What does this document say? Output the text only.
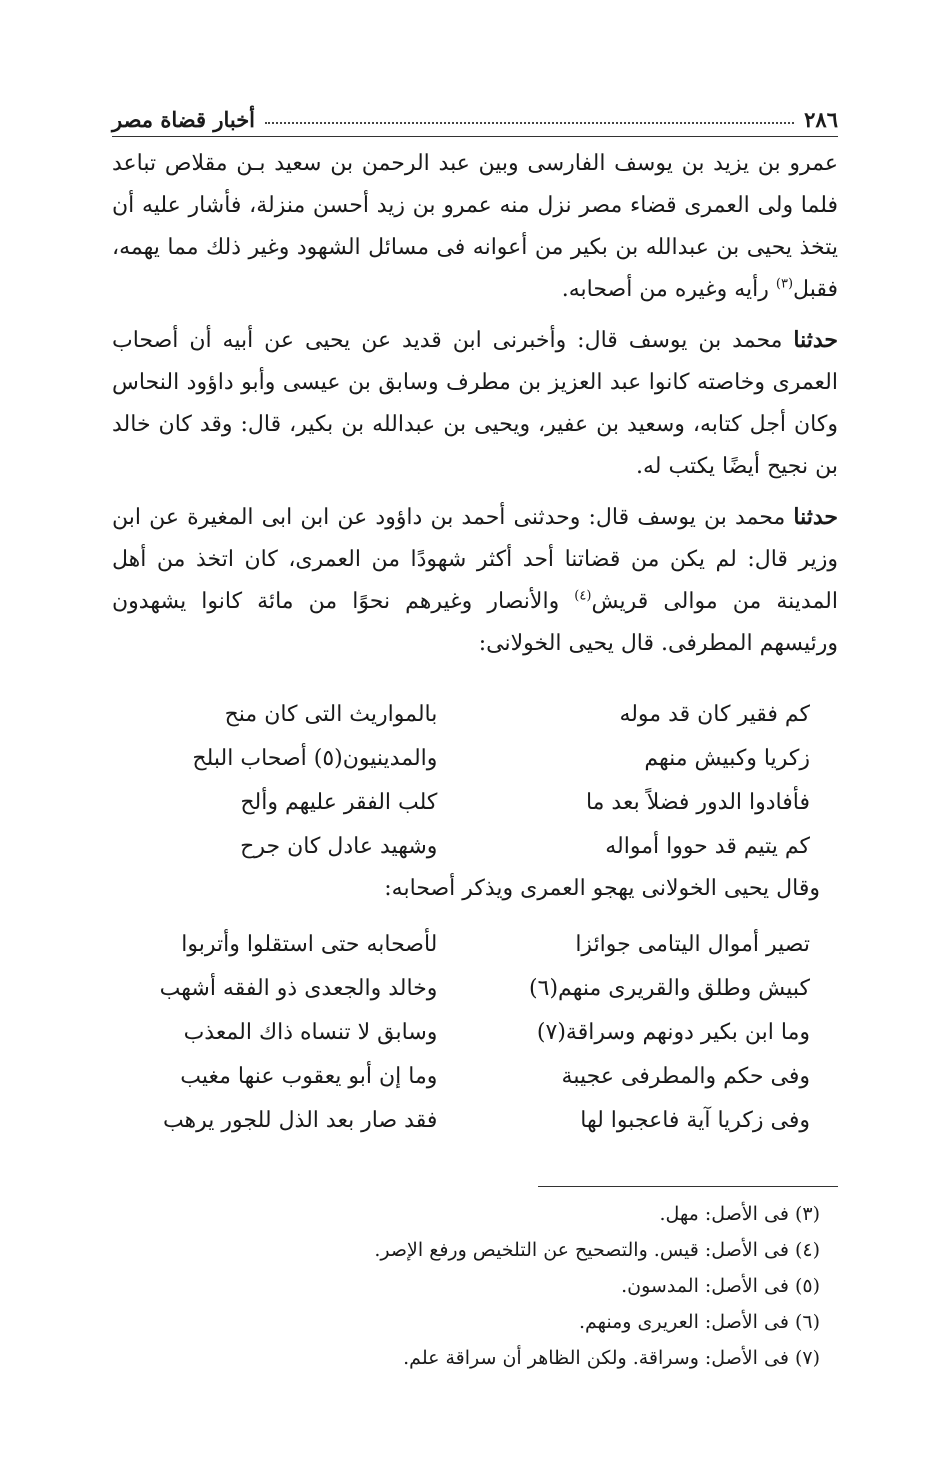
٢٨٦
أخبار قضاة مصر

عمرو بن يزيد بن يوسف الفارسى وبين عبد الرحمن بن سعيد بـن مقلاص تباعد فلما ولى العمرى قضاء مصر نزل منه عمرو بن زيد أحسن منزلة، فأشار عليه أن يتخذ يحيى بن عبدالله بن بكير من أعوانه فى مسائل الشهود وغير ذلك مما يهمه، فقبل$^{(٣)}$ رأيه وغيره من أصحابه.

حدثنا محمد بن يوسف قال: وأخبرنى ابن قديد عن يحيى عن أبيه أن أصحاب العمرى وخاصته كانوا عبد العزيز بن مطرف وسابق بن عيسى وأبو داؤود النحاس وكان أجل كتابه، وسعيد بن عفير، ويحيى بن عبدالله بن بكير، قال: وقد كان خالد بن نجيح أيضًا يكتب له.

حدثنا محمد بن يوسف قال: وحدثنى أحمد بن داؤود عن ابن ابى المغيرة عن ابن وزير قال: لم يكن من قضاتنا أحد أكثر شهودًا من العمرى، كان اتخذ من أهل المدينة من موالى قريش$^{(٤)}$ والأنصار وغيرهم نحوًا من مائة كانوا يشهدون ورئيسهم المطرفى. قال يحيى الخولانى:

كم فقير كان قد موله
بالمواريث التى كان منح
زكريا وكبيش منهم
والمدينيون(٥) أصحاب البلح
فأفادوا الدور فضلاً بعد ما
كلب الفقر عليهم وألح
كم يتيم قد حووا أمواله
وشهيد عادل كان جرح
وقال يحيى الخولانى يهجو العمرى ويذكر أصحابه:
تصير أموال اليتامى جوائزا
لأصحابه حتى استقلوا وأتربوا
كبيش وطلق والقريرى منهم(٦)
وخالد والجعدى ذو الفقه أشهب
وما ابن بكير دونهم وسراقة(٧)
وسابق لا تنساه ذاك المعذب
وفى حكم والمطرفى عجيبة
وما إن أبو يعقوب عنها مغيب
وفى زكريا آية فاعجبوا لها
فقد صار بعد الذل للجور يرهب

(٣) فى الأصل: مهل.

(٤) فى الأصل: قيس. والتصحيح عن التلخيص ورفع الإصر.

(٥) فى الأصل: المدسون.

(٦) فى الأصل: العريرى ومنهم.

(٧) فى الأصل: وسراقة. ولكن الظاهر أن سراقة علم.
